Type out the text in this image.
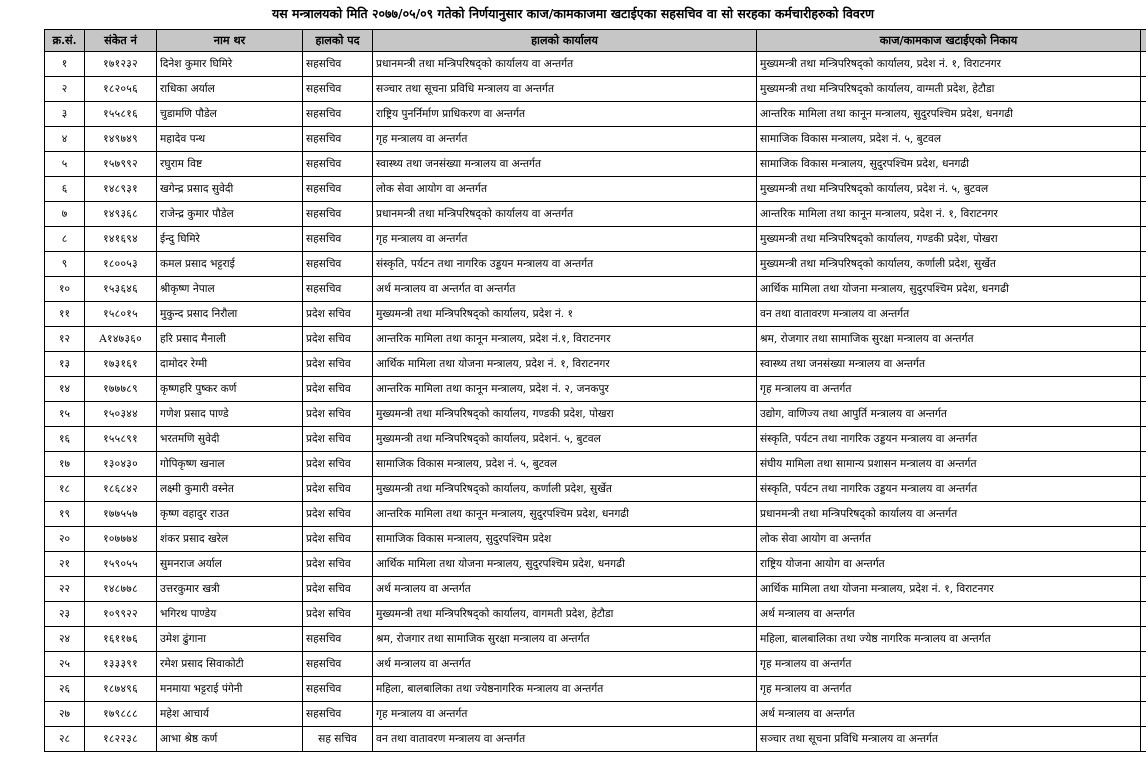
यस मन्त्रालयको मिति २०७७/०५/०९ गतेको निर्णयानुसार काज/कामकाजमा खटाईएका सहसचिव वा सो सरहका कर्मचारीहरुको विवरण
क्र.सं.	संकेत नं	नाम थर	हालको पद	हालको कार्यालय	काज/कामकाज खटाईएको निकाय	
१	१७१२३२	दिनेश कुमार घिमिरे	सहसचिव	प्रधानमन्त्री तथा मन्त्रिपरिषद्को कार्यालय वा अन्तर्गत	मुख्यमन्त्री तथा मन्त्रिपरिषद्को कार्यालय, प्रदेश नं. १, विराटनगर	
२	१८२०५६	राधिका अर्याल	सहसचिव	सञ्चार तथा सूचना प्रविधि मन्त्रालय वा अन्तर्गत	मुख्यमन्त्री तथा मन्त्रिपरिषद्को कार्यालय, वाग्मती प्रदेश, हेटौडा	
३	१५५८१६	चुडामणि पौडेल	सहसचिव	राष्ट्रिय पुनर्निर्माण प्राधिकरण वा अन्तर्गत	आन्तरिक मामिला तथा कानून मन्त्रालय, सुदुरपश्चिम प्रदेश, धनगढी	
४	१४९७४९	महादेव पन्थ	सहसचिव	गृह मन्त्रालय वा अन्तर्गत	सामाजिक विकास मन्त्रालय, प्रदेश नं. ५, बुटवल	
५	१५७९९२	रघुराम विष्ट	सहसचिव	स्वास्थ्य तथा जनसंख्या मन्त्रालय वा अन्तर्गत	सामाजिक विकास मन्त्रालय, सुदुरपश्चिम प्रदेश, धनगढी	
६	१४८९३१	खगेन्द्र प्रसाद सुवेदी	सहसचिव	लोक सेवा आयोग वा अन्तर्गत	मुख्यमन्त्री तथा मन्त्रिपरिषद्को कार्यालय, प्रदेश नं. ५, बुटवल	
७	१४९३६८	राजेन्द्र कुमार पौडेल	सहसचिव	प्रधानमन्त्री तथा मन्त्रिपरिषद्को कार्यालय वा अन्तर्गत	आन्तरिक मामिला तथा कानून मन्त्रालय, प्रदेश नं. १, विराटनगर	
८	१४१६९४	ईन्दु घिमिरे	सहसचिव	गृह मन्त्रालय वा अन्तर्गत	मुख्यमन्त्री तथा मन्त्रिपरिषद्को कार्यालय, गण्डकी प्रदेश, पोखरा	
९	१८००५३	कमल प्रसाद भट्टराई	सहसचिव	संस्कृति, पर्यटन तथा नागरिक उड्डयन मन्त्रालय वा अन्तर्गत	मुख्यमन्त्री तथा मन्त्रिपरिषद्को कार्यालय, कर्णाली प्रदेश, सुर्खेत	
१०	१५३६४६	श्रीकृष्ण नेपाल	सहसचिव	अर्थ मन्त्रालय वा अन्तर्गत वा अन्तर्गत	आर्थिक मामिला तथा योजना मन्त्रालय, सुदुरपश्चिम प्रदेश, धनगढी	
११	१५८०१५	मुकुन्द प्रसाद निरौला	प्रदेश सचिव	मुख्यमन्त्री तथा मन्त्रिपरिषद्को कार्यालय, प्रदेश नं. १	वन तथा वातावरण मन्त्रालय वा अन्तर्गत	
१२	A१४७३६०	हरि प्रसाद मैनाली	प्रदेश सचिव	आन्तरिक मामिला तथा कानून मन्त्रालय, प्रदेश नं.१, विराटनगर	श्रम, रोजगार तथा सामाजिक सुरक्षा मन्त्रालय वा अन्तर्गत	
१३	१७३१६१	दामोदर रेग्मी	प्रदेश सचिव	आर्थिक मामिला तथा योजना मन्त्रालय, प्रदेश नं. १, विराटनगर	स्वास्थ्य तथा जनसंख्या मन्त्रालय वा अन्तर्गत	
१४	१७७७८९	कृष्णहरि पुष्कर कर्ण	प्रदेश सचिव	आन्तरिक मामिला तथा कानून मन्त्रालय, प्रदेश नं. २, जनकपुर	गृह मन्त्रालय वा अन्तर्गत	
१५	१५०३४४	गणेश प्रसाद पाण्डे	प्रदेश सचिव	मुख्यमन्त्री तथा मन्त्रिपरिषद्को कार्यालय, गण्डकी प्रदेश, पोखरा	उद्योग, वाणिज्य तथा आपुर्ति मन्त्रालय वा अन्तर्गत	
१६	१५५८९१	भरतमणि सुवेदी	प्रदेश सचिव	मुख्यमन्त्री तथा मन्त्रिपरिषद्को कार्यालय, प्रदेशनं. ५, बुटवल	संस्कृति, पर्यटन तथा नागरिक उड्डयन मन्त्रालय वा अन्तर्गत	
१७	१३०४३०	गोपिकृष्ण खनाल	प्रदेश सचिव	सामाजिक विकास मन्त्रालय, प्रदेश नं. ५, बुटवल	संघीय मामिला तथा सामान्य प्रशासन मन्त्रालय वा अन्तर्गत	
१८	१८६८४२	लक्ष्मी कुमारी वस्नेत	प्रदेश सचिव	मुख्यमन्त्री तथा मन्त्रिपरिषद्को कार्यालय, कर्णाली प्रदेश, सुर्खेत	संस्कृति, पर्यटन तथा नागरिक उड्डयन मन्त्रालय वा अन्तर्गत	
१९	१७७५५७	कृष्ण वहादुर राउत	प्रदेश सचिव	आन्तरिक मामिला तथा कानून मन्त्रालय, सुदुरपश्चिम प्रदेश, धनगढी	प्रधानमन्त्री तथा मन्त्रिपरिषद्को कार्यालय वा अन्तर्गत	
२०	१०७७७४	शंकर प्रसाद खरेल	प्रदेश सचिव	सामाजिक विकास मन्त्रालय, सुदुरपश्चिम प्रदेश	लोक सेवा आयोग वा अन्तर्गत	
२१	१५९०५५	सुमनराज अर्याल	प्रदेश सचिव	आर्थिक मामिला तथा योजना मन्त्रालय, सुदुरपश्चिम प्रदेश, धनगढी	राष्ट्रिय योजना आयोग वा अन्तर्गत	
२२	१४८७७८	उत्तरकुमार खत्री	प्रदेश सचिव	अर्थ मन्त्रालय वा अन्तर्गत	आर्थिक मामिला तथा योजना मन्त्रालय, प्रदेश नं. १, विराटनगर	
२३	१०९९२२	भगिरथ पाण्डेय	प्रदेश सचिव	मुख्यमन्त्री तथा मन्त्रिपरिषद्को कार्यालय, वागमती प्रदेश, हेटौडा	अर्थ मन्त्रालय वा अन्तर्गत	
२४	१६११७६	उमेश ढुंगाना	सहसचिव	श्रम, रोजगार तथा सामाजिक सुरक्षा मन्त्रालय वा अन्तर्गत	महिला, बालबालिका तथा ज्येष्ठ नागरिक मन्त्रालय वा अन्तर्गत	
२५	१३३३९१	रमेश प्रसाद सिवाकोटी	सहसचिव	अर्थ मन्त्रालय वा अन्तर्गत	गृह मन्त्रालय वा अन्तर्गत	
२६	१८७४९६	मनमाया भट्टराई पंगेनी	सहसचिव	महिला, बालबालिका तथा ज्येष्ठनागरिक मन्त्रालय वा अन्तर्गत	गृह मन्त्रालय वा अन्तर्गत	
२७	१७९८८८	महेश आचार्य	सहसचिव	गृह मन्त्रालय वा अन्तर्गत	अर्थ मन्त्रालय वा अन्तर्गत	
२८	१८२२३८	आभा श्रेष्ठ कर्ण	सह सचिव	वन तथा वातावरण मन्त्रालय वा अन्तर्गत	सञ्चार तथा सूचना प्रविधि मन्त्रालय वा अन्तर्गत	
